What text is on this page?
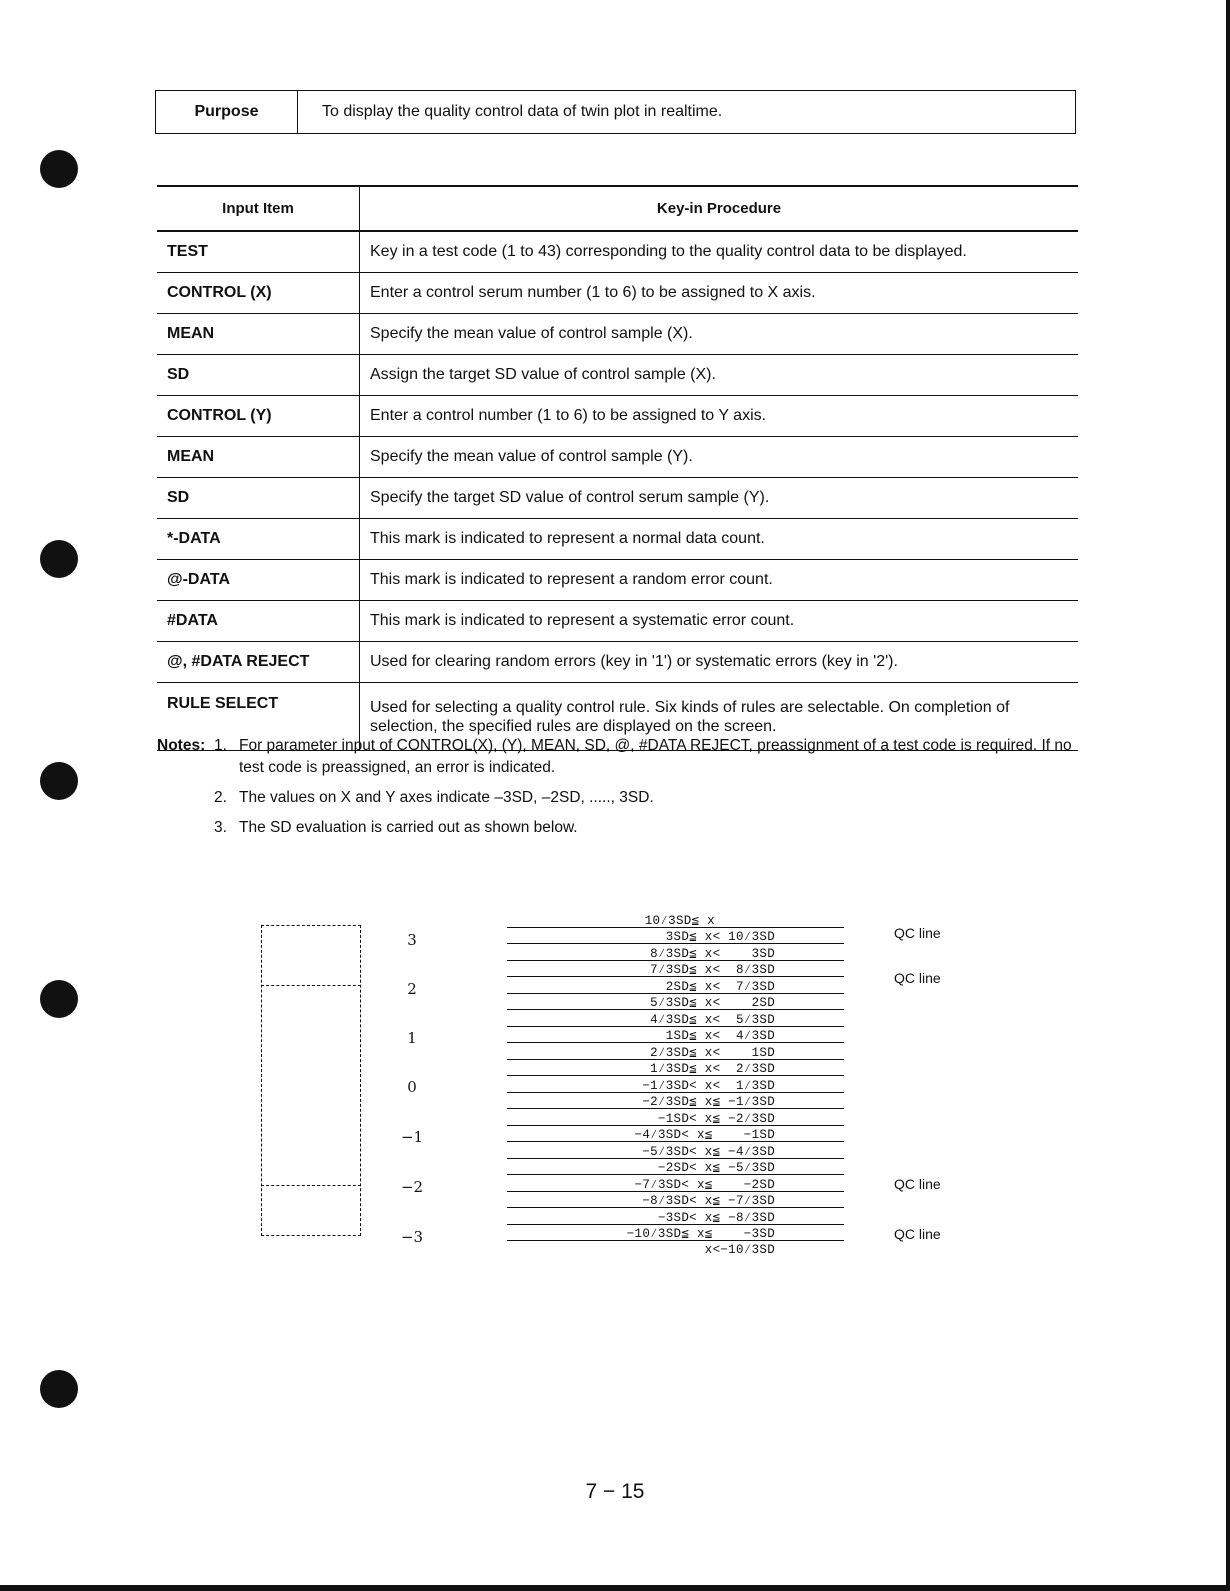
Purpose	To display the quality control data of twin plot in realtime.
Input Item	Key-in Procedure
TEST	Key in a test code (1 to 43) corresponding to the quality control data to be displayed.
CONTROL (X)	Enter a control serum number (1 to 6) to be assigned to X axis.
MEAN	Specify the mean value of control sample (X).
SD	Assign the target SD value of control sample (X).
CONTROL (Y)	Enter a control number (1 to 6) to be assigned to Y axis.
MEAN	Specify the mean value of control sample (Y).
SD	Specify the target SD value of control serum sample (Y).
*-DATA	This mark is indicated to represent a normal data count.
@-DATA	This mark is indicated to represent a random error count.
#DATA	This mark is indicated to represent a systematic error count.
@, #DATA REJECT	Used for clearing random errors (key in '1') or systematic errors (key in '2').
RULE SELECT	Used for selecting a quality control rule. Six kinds of rules are selectable. On completion of selection, the specified rules are displayed on the screen.
Notes: 1. For parameter input of CONTROL(X), (Y), MEAN, SD, @, #DATA REJECT, preassignment of a test code is required. If no test code is preassigned, an error is indicated.
2. The values on X and Y axes indicate –3SD, –2SD, ....., 3SD.
3. The SD evaluation is carried out as shown below.
3
2
1
0
−1
−2
−3
10∕3SD≦ x
3SD≦ x< 10∕3SD
8∕3SD≦ x<    3SD
7∕3SD≦ x<  8∕3SD
2SD≦ x<  7∕3SD
5∕3SD≦ x<    2SD
4∕3SD≦ x<  5∕3SD
1SD≦ x<  4∕3SD
2∕3SD≦ x<    1SD
1∕3SD≦ x<  2∕3SD
−1∕3SD< x<  1∕3SD
−2∕3SD≦ x≦ −1∕3SD
−1SD< x≦ −2∕3SD
−4∕3SD< x≦    −1SD
−5∕3SD< x≦ −4∕3SD
−2SD< x≦ −5∕3SD
−7∕3SD< x≦    −2SD
−8∕3SD< x≦ −7∕3SD
−3SD< x≦ −8∕3SD
−10∕3SD≦ x≦    −3SD
x<−10∕3SD
QC line
QC line
QC line
QC line
7 − 15
